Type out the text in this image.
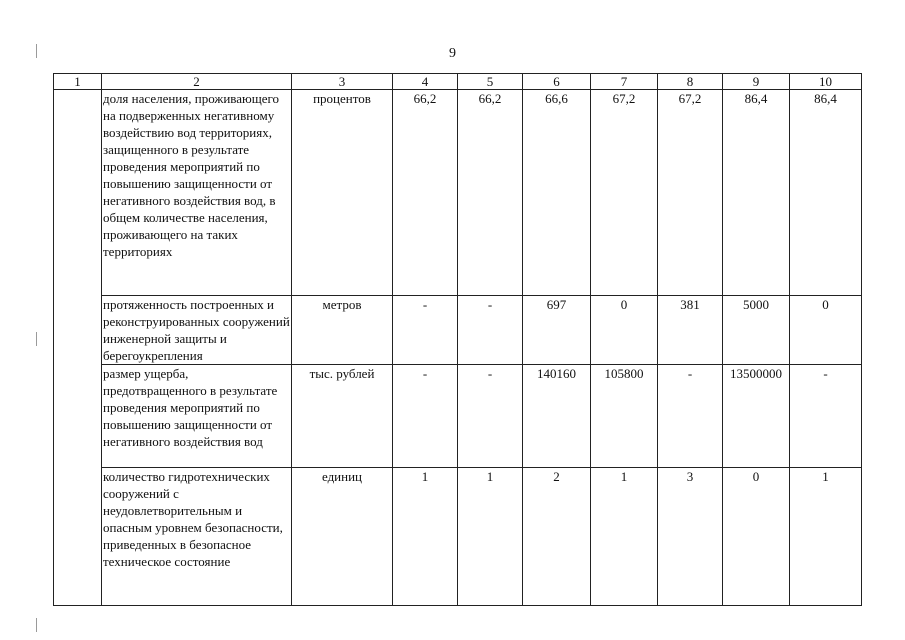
9
1	2	3	4	5	6	7	8	9	10
	доля населения, проживающего на подверженных негативному воздействию вод территориях, защищенного в результате проведения мероприятий по повышению защищенности от негативного воздействия вод, в общем количестве населения, проживающего на таких территориях	процентов	66,2	66,2	66,6	67,2	67,2	86,4	86,4
	протяженность построенных и реконструированных сооружений инженерной защиты и берегоукрепления	метров	-	-	697	0	381	5000	0
	размер ущерба, предотвращенного в результате проведения мероприятий по повышению защищенности от негативного воздействия вод	тыс. рублей	-	-	140160	105800	-	13500000	-
	количество гидротехнических сооружений с неудовлетворительным и опасным уровнем безопасности, приведенных в безопасное техническое состояние	единиц	1	1	2	1	3	0	1
